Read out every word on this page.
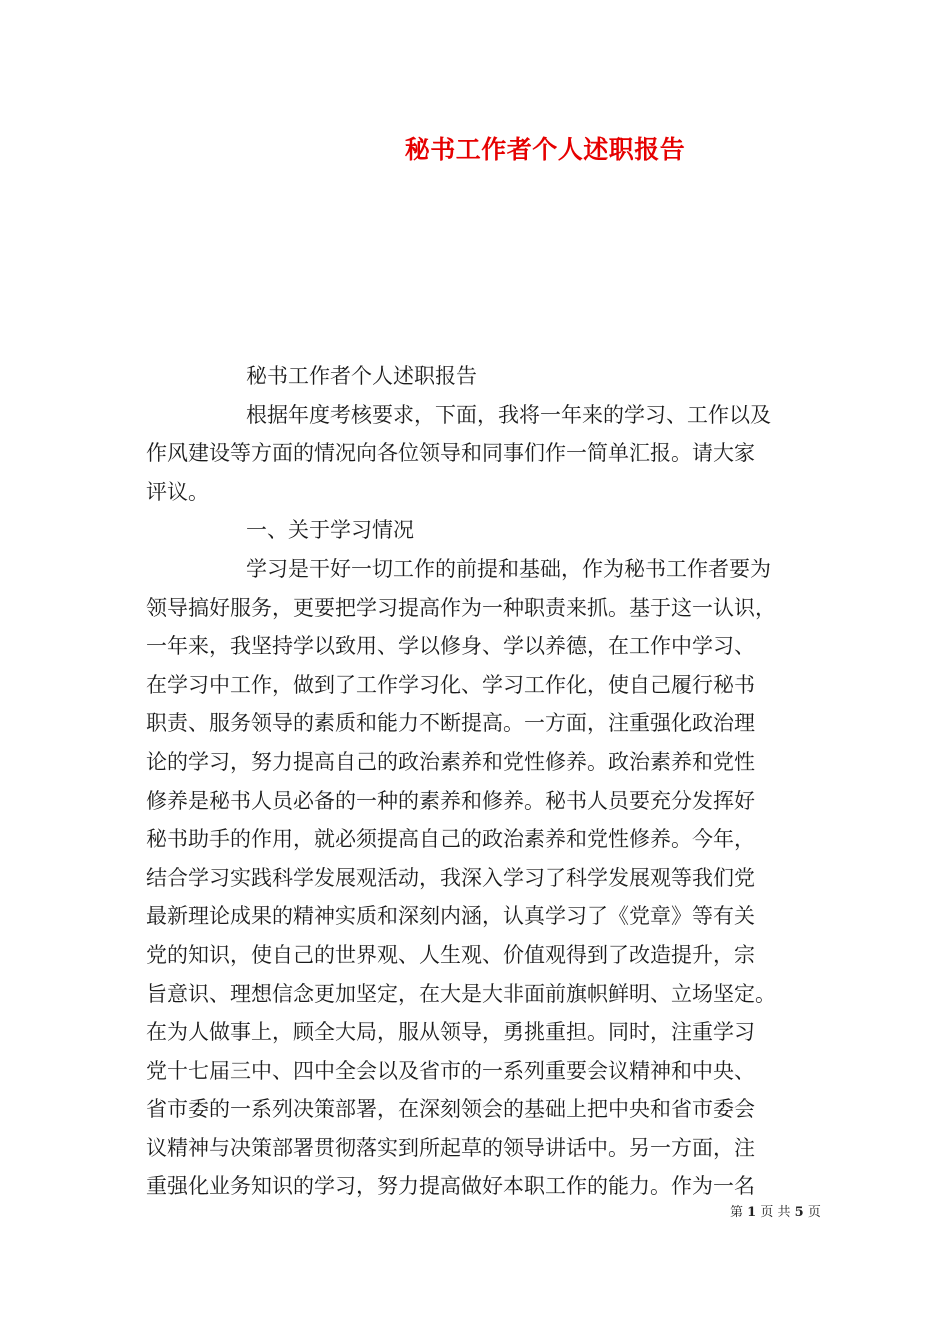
秘书工作者个人述职报告
秘书工作者个人述职报告
根据年度考核要求，下面，我将一年来的学习、工作以及
作风建设等方面的情况向各位领导和同事们作一简单汇报。请大家
评议。
一、关于学习情况
学习是干好一切工作的前提和基础，作为秘书工作者要为
领导搞好服务，更要把学习提高作为一种职责来抓。基于这一认识，
一年来，我坚持学以致用、学以修身、学以养德，在工作中学习、
在学习中工作，做到了工作学习化、学习工作化，使自己履行秘书
职责、服务领导的素质和能力不断提高。一方面，注重强化政治理
论的学习，努力提高自己的政治素养和党性修养。政治素养和党性
修养是秘书人员必备的一种的素养和修养。秘书人员要充分发挥好
秘书助手的作用，就必须提高自己的政治素养和党性修养。今年，
结合学习实践科学发展观活动，我深入学习了科学发展观等我们党
最新理论成果的精神实质和深刻内涵，认真学习了《党章》等有关
党的知识，使自己的世界观、人生观、价值观得到了改造提升，宗
旨意识、理想信念更加坚定，在大是大非面前旗帜鲜明、立场坚定。
在为人做事上，顾全大局，服从领导，勇挑重担。同时，注重学习
党十七届三中、四中全会以及省市的一系列重要会议精神和中央、
省市委的一系列决策部署，在深刻领会的基础上把中央和省市委会
议精神与决策部署贯彻落实到所起草的领导讲话中。另一方面，注
重强化业务知识的学习，努力提高做好本职工作的能力。作为一名
第 1 页 共 5 页
